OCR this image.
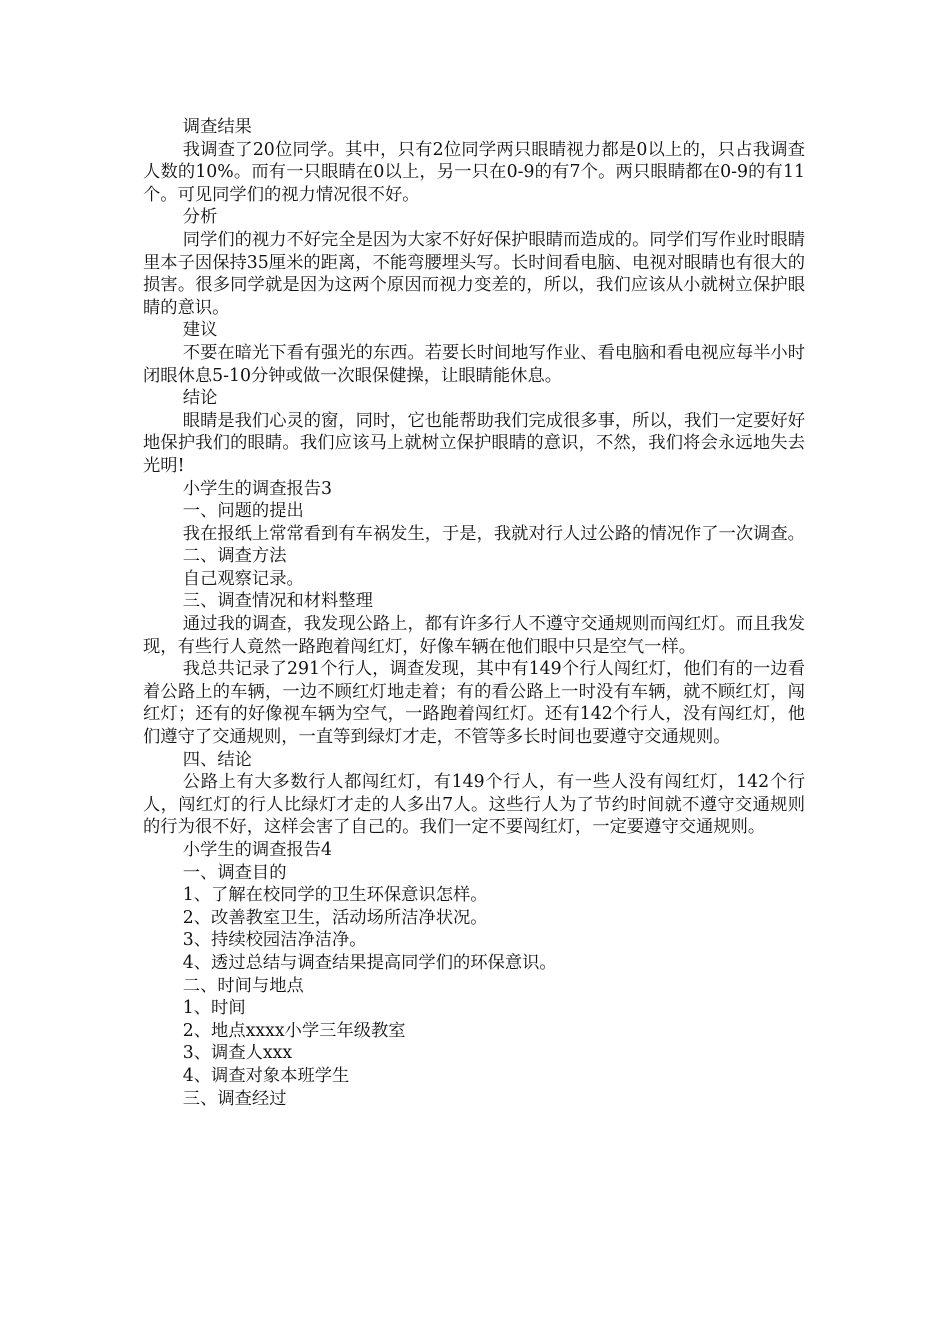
调查结果

我调查了20位同学。其中，只有2位同学两只眼睛视力都是0以上的，只占我调查人数的10%。而有一只眼睛在0以上，另一只在0-9的有7个。两只眼睛都在0-9的有11个。可见同学们的视力情况很不好。

分析

同学们的视力不好完全是因为大家不好好保护眼睛而造成的。同学们写作业时眼睛里本子因保持35厘米的距离，不能弯腰埋头写。长时间看电脑、电视对眼睛也有很大的损害。很多同学就是因为这两个原因而视力变差的，所以，我们应该从小就树立保护眼睛的意识。

建议

不要在暗光下看有强光的东西。若要长时间地写作业、看电脑和看电视应每半小时闭眼休息5-10分钟或做一次眼保健操，让眼睛能休息。

结论

眼睛是我们心灵的窗，同时，它也能帮助我们完成很多事，所以，我们一定要好好地保护我们的眼睛。我们应该马上就树立保护眼睛的意识，不然，我们将会永远地失去光明!

小学生的调查报告3

一、问题的提出

我在报纸上常常看到有车祸发生，于是，我就对行人过公路的情况作了一次调查。

二、调查方法

自己观察记录。

三、调查情况和材料整理

通过我的调查，我发现公路上，都有许多行人不遵守交通规则而闯红灯。而且我发现，有些行人竟然一路跑着闯红灯，好像车辆在他们眼中只是空气一样。

我总共记录了291个行人，调查发现，其中有149个行人闯红灯，他们有的一边看着公路上的车辆，一边不顾红灯地走着；有的看公路上一时没有车辆，就不顾红灯，闯红灯；还有的好像视车辆为空气，一路跑着闯红灯。还有142个行人，没有闯红灯，他们遵守了交通规则，一直等到绿灯才走，不管等多长时间也要遵守交通规则。

四、结论

公路上有大多数行人都闯红灯，有149个行人，有一些人没有闯红灯，142个行人，闯红灯的行人比绿灯才走的人多出7人。这些行人为了节约时间就不遵守交通规则的行为很不好，这样会害了自己的。我们一定不要闯红灯，一定要遵守交通规则。

小学生的调查报告4

一、调查目的

1、了解在校同学的卫生环保意识怎样。

2、改善教室卫生，活动场所洁净状况。

3、持续校园洁净洁净。

4、透过总结与调查结果提高同学们的环保意识。

二、时间与地点

1、时间

2、地点xxxx小学三年级教室

3、调查人xxx

4、调查对象本班学生

三、调查经过
